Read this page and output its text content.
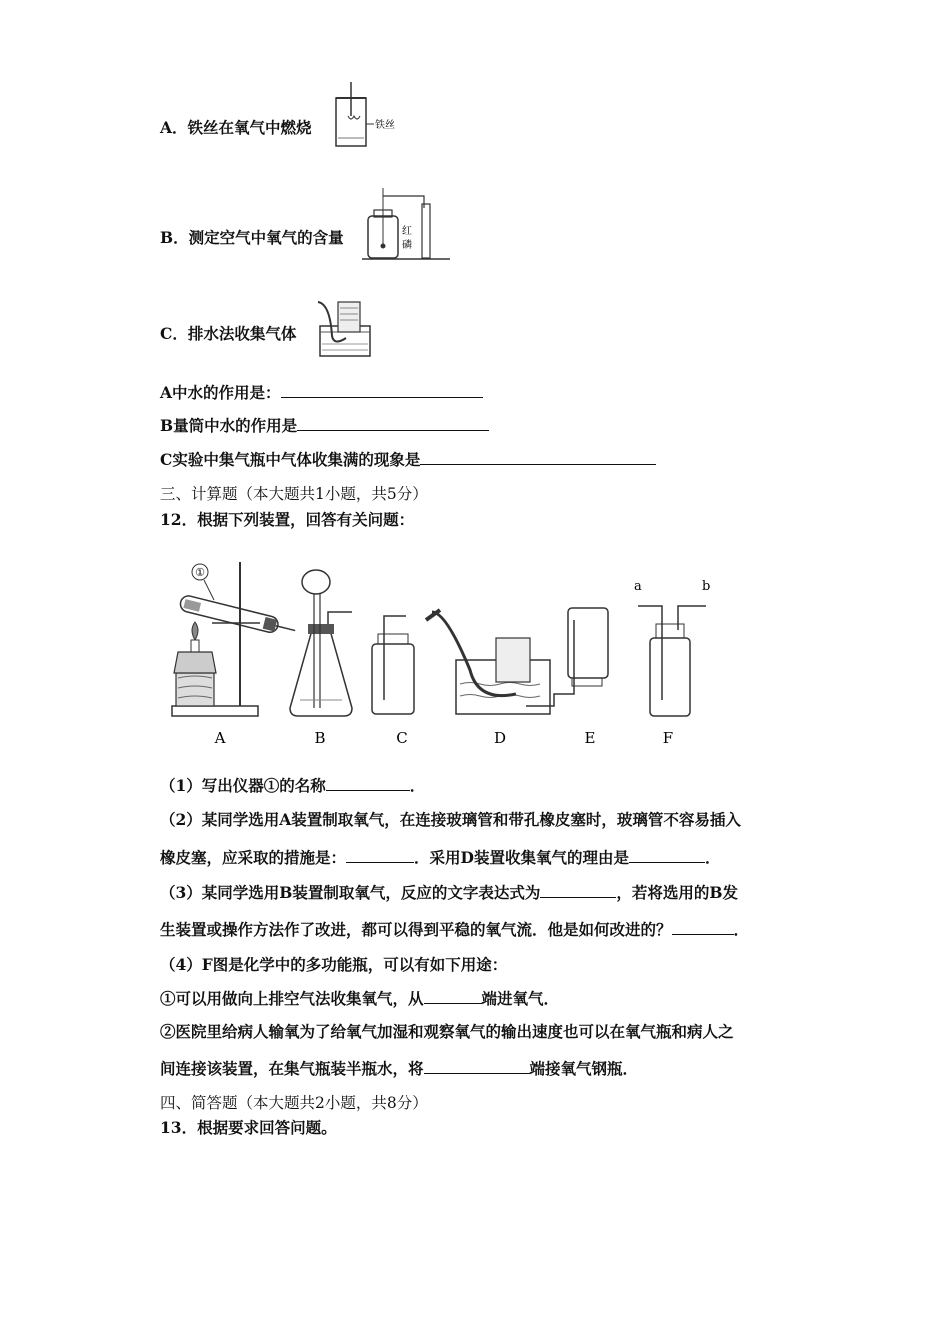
A．铁丝在氧气中燃烧	铁丝
B．测定空气中氧气的含量	红
磷
C．排水法收集气体
A中水的作用是：
B量筒中水的作用是
C实验中集气瓶中气体收集满的现象是
三、计算题（本大题共1小题，共5分）
12．根据下列装置，回答有关问题：
①
a	b
A	B	C	D	E	F
（1）写出仪器①的名称	．
（2）某同学选用A装置制取氧气，在连接玻璃管和带孔橡皮塞时，玻璃管不容易插入
橡皮塞，应采取的措施是：	．采用D装置收集氧气的理由是	．
（3）某同学选用B装置制取氧气，反应的文字表达式为	，若将选用的B发
生装置或操作方法作了改进，都可以得到平稳的氧气流．他是如何改进的？	．
（4）F图是化学中的多功能瓶，可以有如下用途：
①可以用做向上排空气法收集氧气，从	端进氧气．
②医院里给病人输氧为了给氧气加湿和观察氧气的输出速度也可以在氧气瓶和病人之
间连接该装置，在集气瓶装半瓶水，将	端接氧气钢瓶．
四、简答题（本大题共2小题，共8分）
13．根据要求回答问题。
